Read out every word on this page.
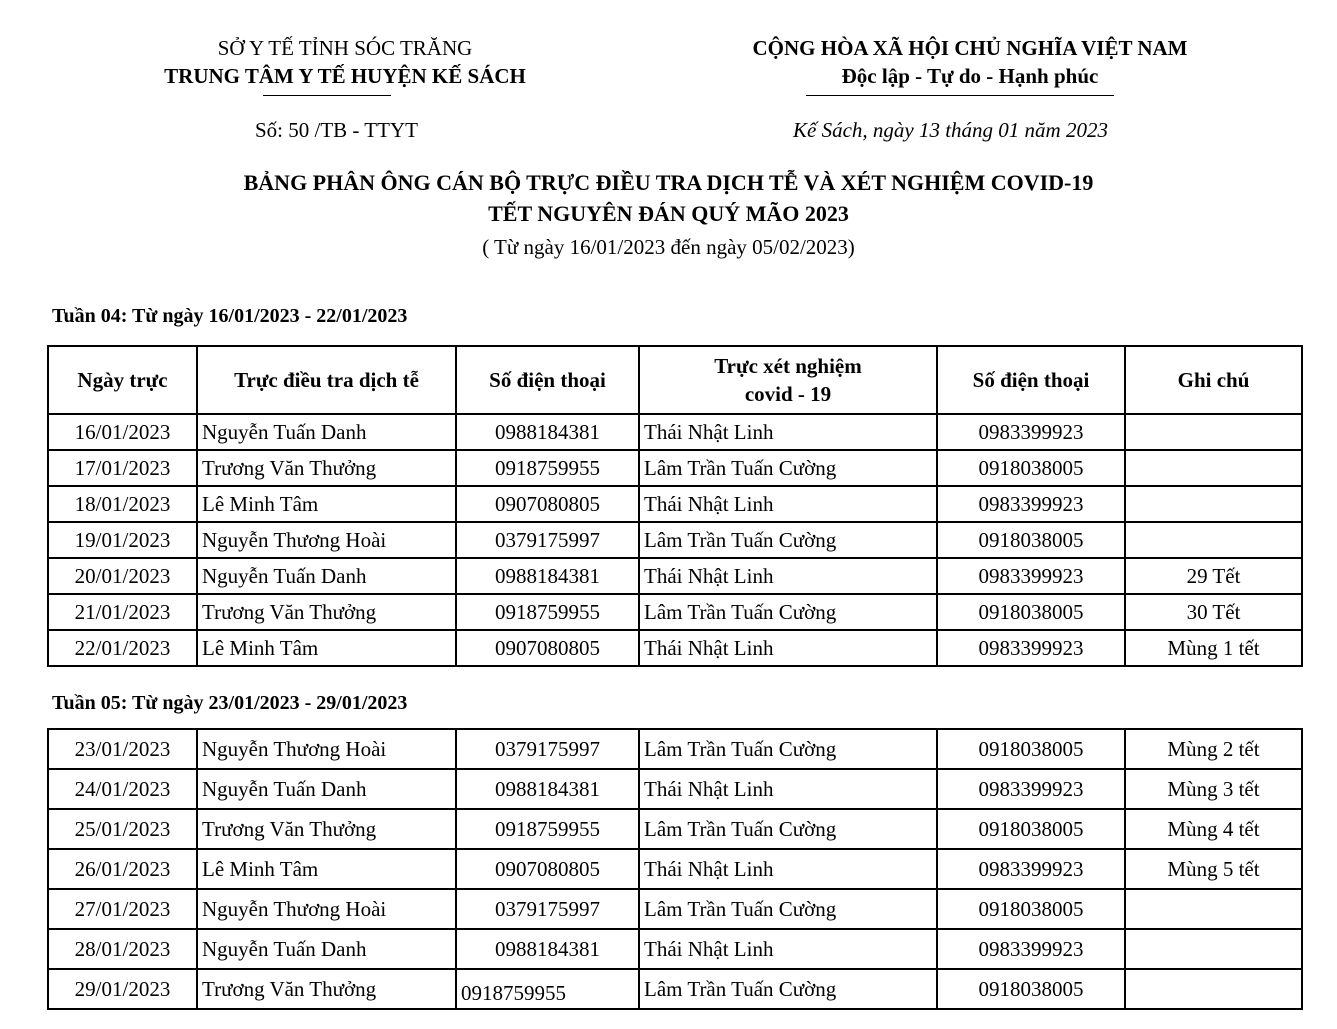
SỞ Y TẾ TỈNH SÓC TRĂNG
TRUNG TÂM Y TẾ HUYỆN KẾ SÁCH
CỘNG HÒA XÃ HỘI CHỦ NGHĨA VIỆT NAM
Độc lập - Tự do - Hạnh phúc
Số: 50 /TB - TTYT	Kế Sách, ngày 13 tháng 01 năm 2023
BẢNG PHÂN ÔNG CÁN BỘ TRỰC ĐIỀU TRA DỊCH TỄ VÀ XÉT NGHIỆM COVID-19
TẾT NGUYÊN ĐÁN QUÝ MÃO 2023
( Từ ngày 16/01/2023 đến ngày 05/02/2023)
Tuần 04: Từ ngày 16/01/2023 - 22/01/2023
Ngày trực	Trực điều tra dịch tễ	Số điện thoại	Trực xét nghiệm
covid - 19	Số điện thoại	Ghi chú
16/01/2023	Nguyễn Tuấn Danh	0988184381	Thái Nhật Linh	0983399923	
17/01/2023	Trương Văn Thưởng	0918759955	Lâm Trần Tuấn Cường	0918038005	
18/01/2023	Lê Minh Tâm	0907080805	Thái Nhật Linh	0983399923	
19/01/2023	Nguyễn Thương Hoài	0379175997	Lâm Trần Tuấn Cường	0918038005	
20/01/2023	Nguyễn Tuấn Danh	0988184381	Thái Nhật Linh	0983399923	29 Tết
21/01/2023	Trương Văn Thưởng	0918759955	Lâm Trần Tuấn Cường	0918038005	30 Tết
22/01/2023	Lê Minh Tâm	0907080805	Thái Nhật Linh	0983399923	Mùng 1 tết
Tuần 05: Từ ngày 23/01/2023 - 29/01/2023
23/01/2023	Nguyễn Thương Hoài	0379175997	Lâm Trần Tuấn Cường	0918038005	Mùng 2 tết
24/01/2023	Nguyễn Tuấn Danh	0988184381	Thái Nhật Linh	0983399923	Mùng 3 tết
25/01/2023	Trương Văn Thưởng	0918759955	Lâm Trần Tuấn Cường	0918038005	Mùng 4 tết
26/01/2023	Lê Minh Tâm	0907080805	Thái Nhật Linh	0983399923	Mùng 5 tết
27/01/2023	Nguyễn Thương Hoài	0379175997	Lâm Trần Tuấn Cường	0918038005	
28/01/2023	Nguyễn Tuấn Danh	0988184381	Thái Nhật Linh	0983399923	
29/01/2023	Trương Văn Thưởng	0918759955	Lâm Trần Tuấn Cường	0918038005	
